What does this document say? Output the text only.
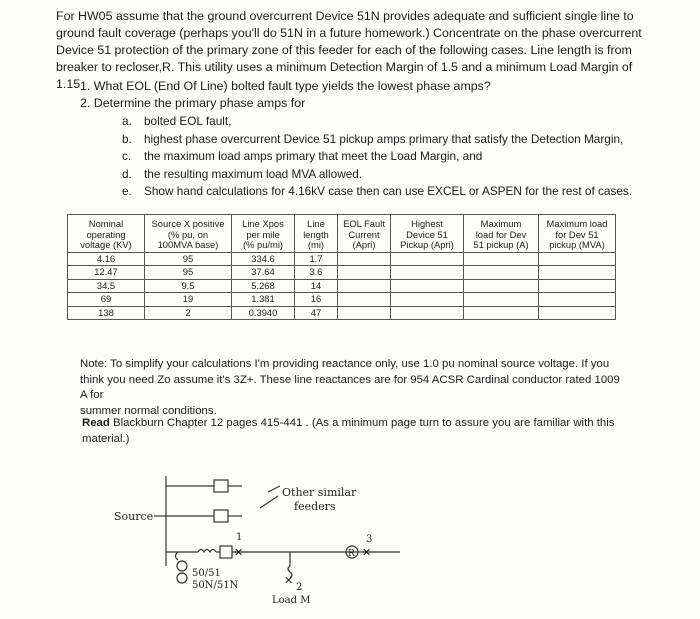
For HW05 assume that the ground overcurrent Device 51N provides adequate and sufficient single line to

ground fault coverage (perhaps you'll do 51N in a future homework.) Concentrate on the phase overcurrent

Device 51 protection of the primary zone of this feeder for each of the following cases. Line length is from

breaker to recloser,R. This utility uses a minimum Detection Margin of 1.5 and a minimum Load Margin of 1.15 1. What EOL (End Of Line) bolted fault type yields the lowest phase amps?
2. Determine the primary phase amps for
a. bolted EOL fault,
b. highest phase overcurrent Device 51 pickup amps primary that satisfy the Detection Margin,
c. the maximum load amps primary that meet the Load Margin, and
d. the resulting maximum load MVA allowed.
e. Show hand calculations for 4.16kV case then can use EXCEL or ASPEN for the rest of cases.
Nominal
operating
voltage (KV)	Source X positive
(% pu, on
100MVA base)	Line Xpos
per mile
(% pu/mi)	Line
length
(mi)	EOL Fault
Current
(Apri)	Highest
Device 51
Pickup (Apri)	Maximum
load for Dev
51 pickup (A)	Maximum load
for Dev 51
pickup (MVA)
4.16	95	334.6	1.7				
12.47	95	37.64	3.6				
34.5	9.5	5.268	14				
69	19	1.381	16				
138	2	0.3940	47				

Note: To simplify your calculations I'm providing reactance only, use 1.0 pu nominal source voltage. If you

think you need Zo assume it's 3Z+. These line reactances are for 954 ACSR Cardinal conductor rated 1009 A for

summer normal conditions.

Read Blackburn Chapter 12 pages 415-441 . (As a minimum page turn to assure you are familiar with this
material.)
Source
Other similar
feeders
50/51
50N/51N
Load M
1
2
3
R
✕	✕
✕
